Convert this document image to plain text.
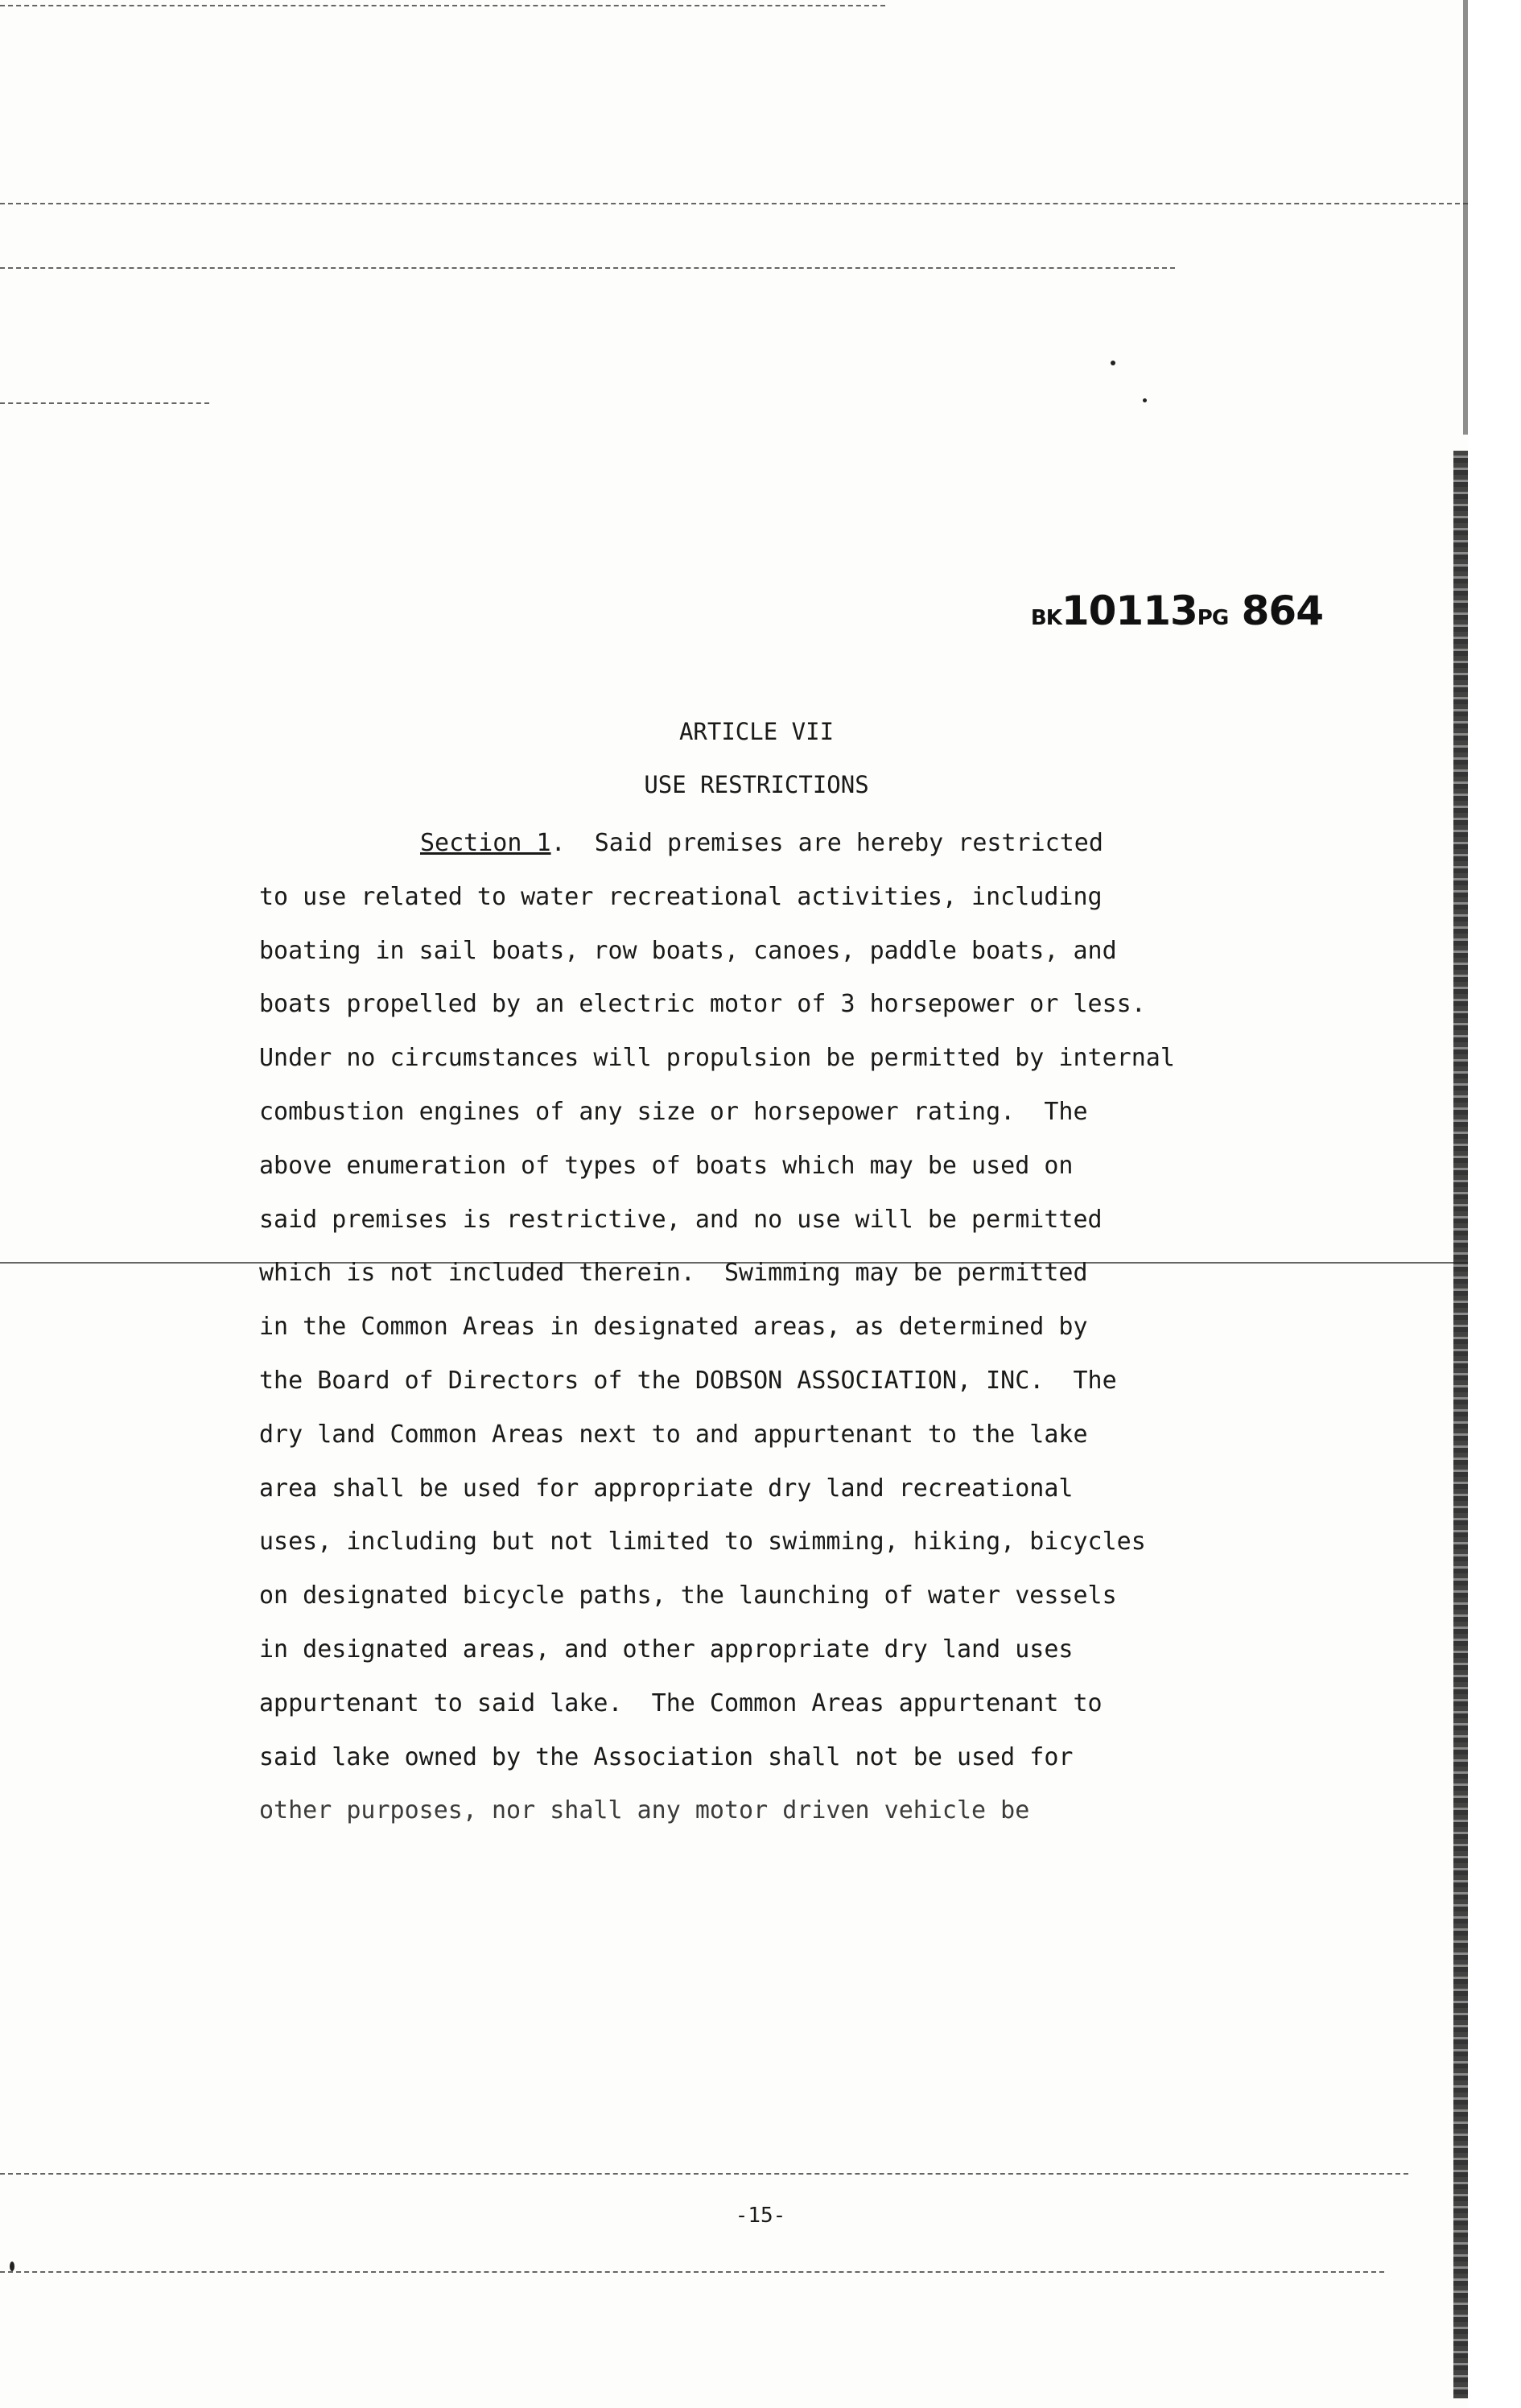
BK10113PG 864
ARTICLE VII
USE RESTRICTIONS
Section 1.  Said premises are hereby restricted
to use related to water recreational activities, including
boating in sail boats, row boats, canoes, paddle boats, and
boats propelled by an electric motor of 3 horsepower or less.
Under no circumstances will propulsion be permitted by internal
combustion engines of any size or horsepower rating.  The
above enumeration of types of boats which may be used on
said premises is restrictive, and no use will be permitted
which is not included therein.  Swimming may be permitted
in the Common Areas in designated areas, as determined by
the Board of Directors of the DOBSON ASSOCIATION, INC.  The
dry land Common Areas next to and appurtenant to the lake
area shall be used for appropriate dry land recreational
uses, including but not limited to swimming, hiking, bicycles
on designated bicycle paths, the launching of water vessels
in designated areas, and other appropriate dry land uses
appurtenant to said lake.  The Common Areas appurtenant to
said lake owned by the Association shall not be used for
other purposes, nor shall any motor driven vehicle be
-15-
